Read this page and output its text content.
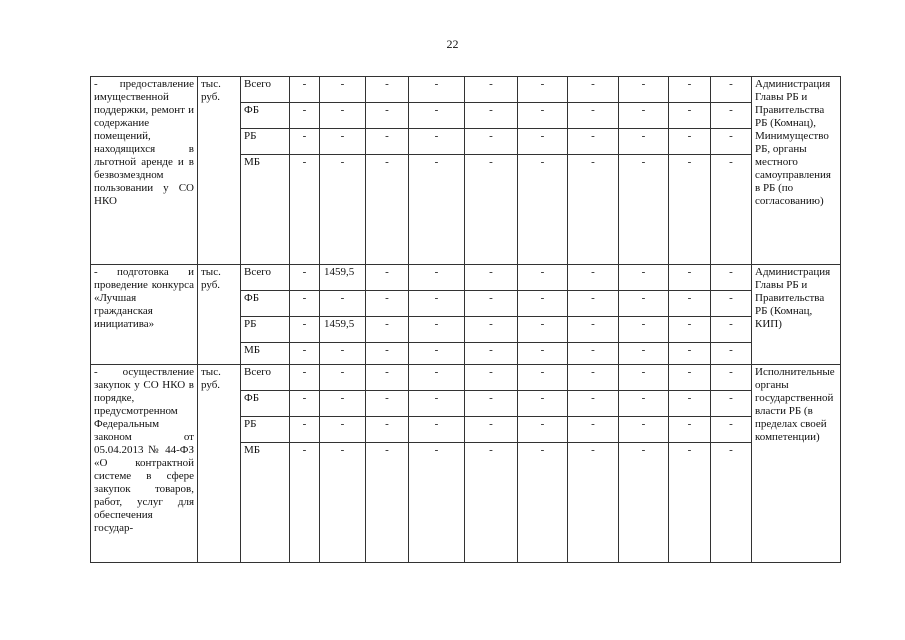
22
- предоставление имущественной поддержки, ремонт и содержание помещений, находящихся в льготной аренде и в безвозмездном пользовании у СО НКО	тыс. руб.	Всего	-	-	-	-	-	-	-	-	-	-	Администрация Главы РБ и Правительства РБ (Комнац), Минимущество РБ, органы местного самоуправления в РБ (по согласованию)
		ФБ	-	-	-	-	-	-	-	-	-	-	
		РБ	-	-	-	-	-	-	-	-	-	-	
		МБ	-	-	-	-	-	-	-	-	-	-	
- подготовка и проведение конкурса «Лучшая гражданская инициатива»	тыс. руб.	Всего	-	1459,5	-	-	-	-	-	-	-	-	Администрация Главы РБ и Правительства РБ (Комнац, КИП)
		ФБ	-	-	-	-	-	-	-	-	-	-	
		РБ	-	1459,5	-	-	-	-	-	-	-	-	
		МБ	-	-	-	-	-	-	-	-	-	-	
- осуществление закупок у СО НКО в порядке, предусмотренном Федеральным законом от 05.04.2013 № 44-ФЗ «О контрактной системе в сфере закупок товаров, работ, услуг для обеспечения государ-	тыс. руб.	Всего	-	-	-	-	-	-	-	-	-	-	Исполнительные органы государственной власти РБ (в пределах своей компетенции)
		ФБ	-	-	-	-	-	-	-	-	-	-	
		РБ	-	-	-	-	-	-	-	-	-	-	
		МБ	-	-	-	-	-	-	-	-	-	-	
